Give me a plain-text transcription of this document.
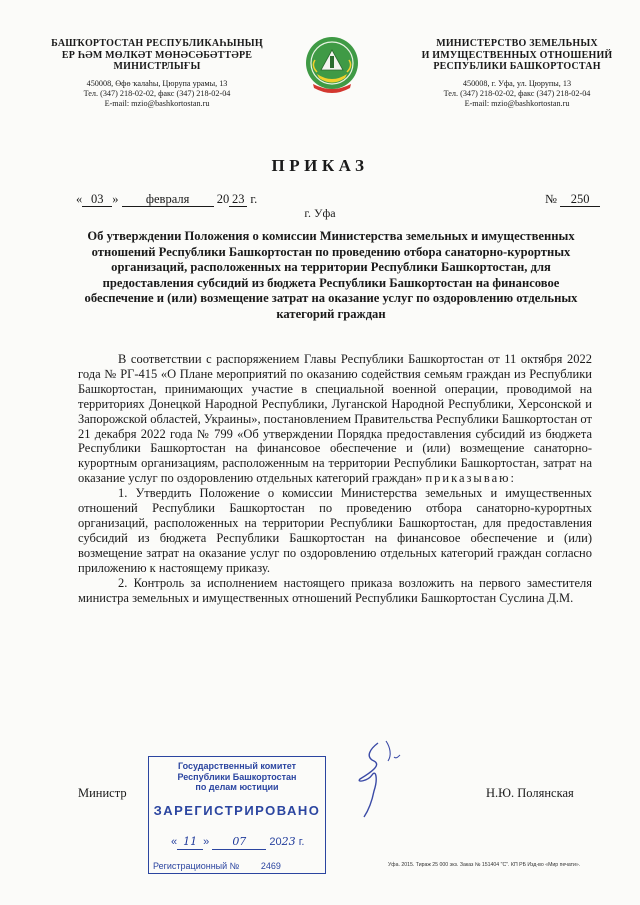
БАШҠОРТОСТАН РЕСПУБЛИКАҺЫНЫҢ
ЕР ҺӘМ МӨЛКӘТ МӨНӘСӘБӘТТӘРЕ
МИНИСТРЛЫҒЫ
450008, Өфө ҡалаһы, Цюрупа урамы, 13
Тел. (347) 218-02-02, факс (347) 218-02-04
E-mail: mzio@bashkortostan.ru
МИНИСТЕРСТВО ЗЕМЕЛЬНЫХ
И ИМУЩЕСТВЕННЫХ ОТНОШЕНИЙ
РЕСПУБЛИКИ БАШКОРТОСТАН
450008, г. Уфа, ул. Цюрупы, 13
Тел. (347) 218-02-02, факс (347) 218-02-04
E-mail: mzio@bashkortostan.ru
ПРИКАЗ
« 03 » февраля 20 23 г.	№ 250
г. Уфа
Об утверждении Положения о комиссии Министерства земельных и имущественных отношений Республики Башкортостан по проведению отбора санаторно-курортных организаций, расположенных на территории Республики Башкортостан, для предоставления субсидий из бюджета Республики Башкортостан на финансовое обеспечение и (или) возмещение затрат на оказание услуг по оздоровлению отдельных категорий граждан

В соответствии с распоряжением Главы Республики Башкортостан от 11 октября 2022 года № РГ-415 «О Плане мероприятий по оказанию содействия семьям граждан из Республики Башкортостан, принимающих участие в специальной военной операции, проводимой на территориях Донецкой Народной Республики, Луганской Народной Республики, Херсонской и Запорожской областей, Украины», постановлением Правительства Республики Башкортостан от 21 декабря 2022 года № 799 «Об утверждении Порядка предоставления субсидий из бюджета Республики Башкортостан на финансовое обеспечение и (или) возмещение санаторно-курортным организациям, расположенным на территории Республики Башкортостан, затрат на оказание услуг по оздоровлению отдельных категорий граждан» приказываю:

1. Утвердить Положение о комиссии Министерства земельных и имущественных отношений Республики Башкортостан по проведению отбора санаторно-курортных организаций, расположенных на территории Республики Башкортостан, для предоставления субсидий из бюджета Республики Башкортостан на финансовое обеспечение и (или) возмещение затрат на оказание услуг по оздоровлению отдельных категорий граждан согласно приложению к настоящему приказу.

2. Контроль за исполнением настоящего приказа возложить на первого заместителя министра земельных и имущественных отношений Республики Башкортостан Суслина Д.М.

Министр	Н.Ю. Полянская
Государственный комитет
Республики Башкортостан
по делам юстиции
ЗАРЕГИСТРИРОВАНО
« 11 » 07 2023 г.
Регистрационный № 2469	Уфа. 2015. Тираж 25 000 экз. Заказ № 151404 "С". КП РБ Изд-во «Мир печати».
